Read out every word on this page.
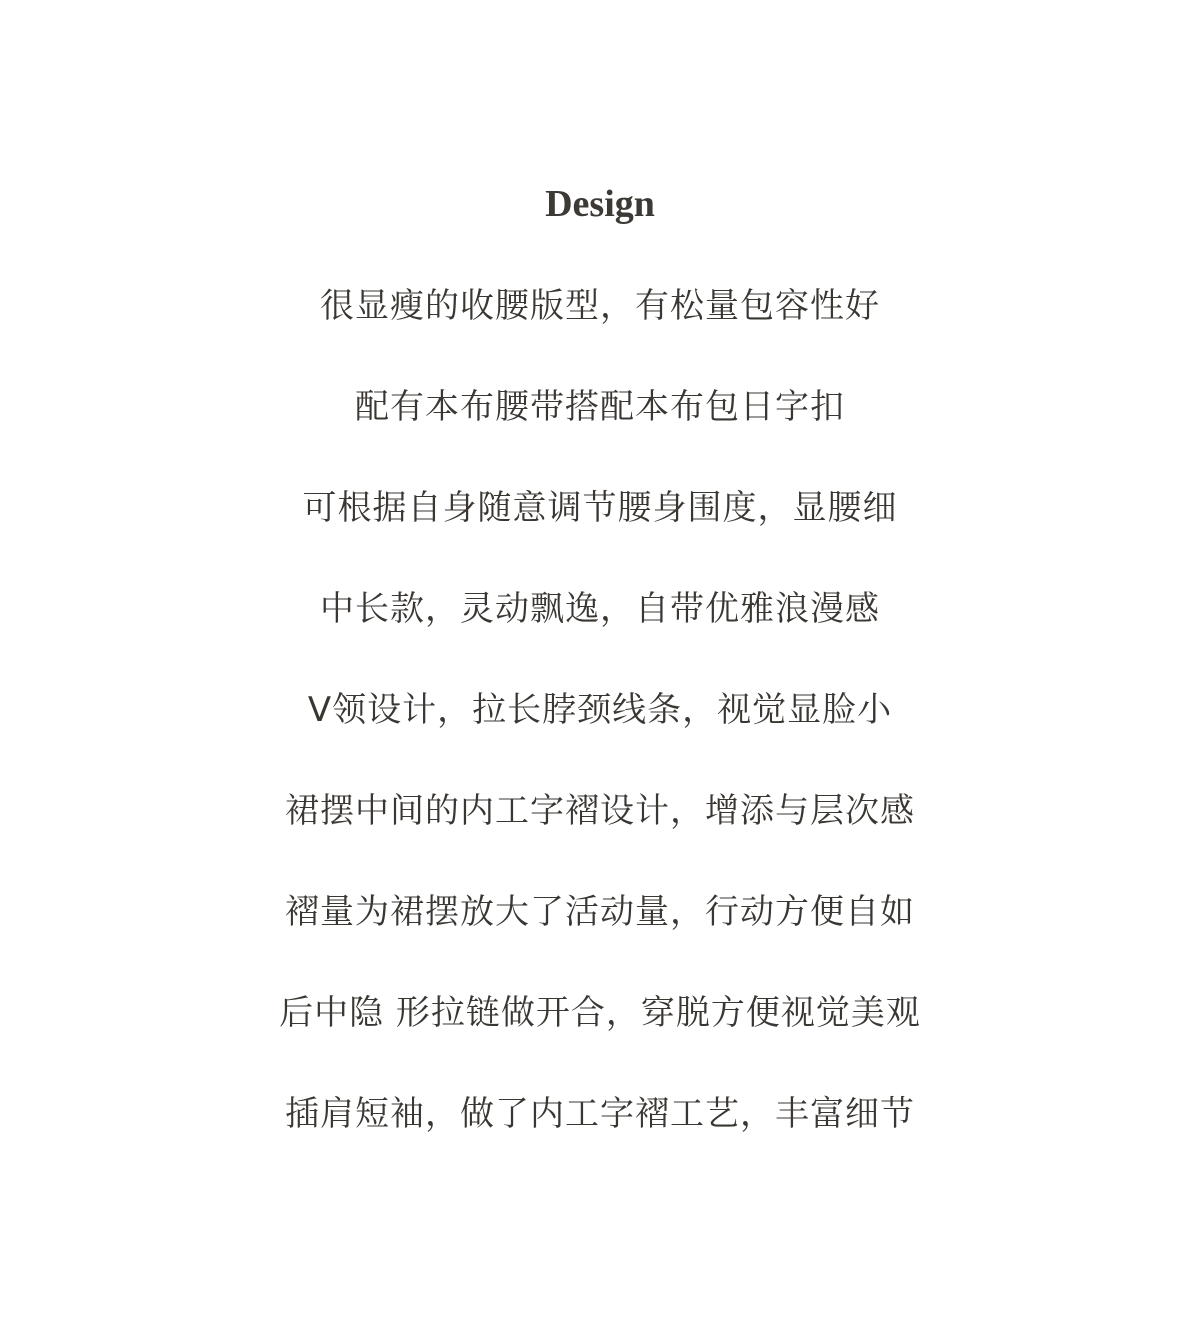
Design
很显瘦的收腰版型，有松量包容性好
配有本布腰带搭配本布包日字扣
可根据自身随意调节腰身围度，显腰细
中长款，灵动飘逸，自带优雅浪漫感
V领设计，拉长脖颈线条，视觉显脸小
裙摆中间的内工字褶设计，增添与层次感
褶量为裙摆放大了活动量，行动方便自如
后中隐 形拉链做开合，穿脱方便视觉美观
插肩短袖，做了内工字褶工艺，丰富细节
